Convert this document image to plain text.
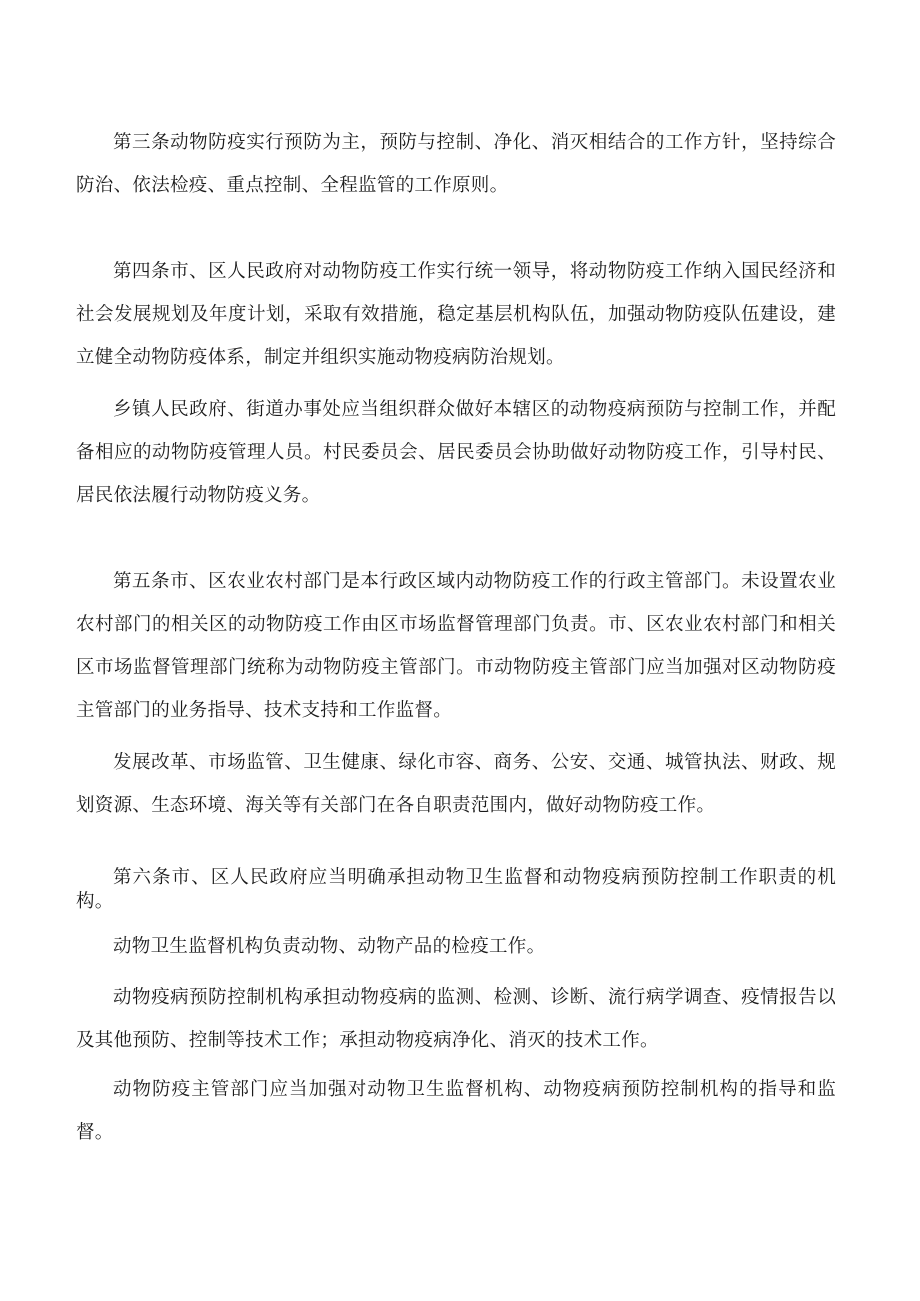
第三条动物防疫实行预防为主，预防与控制、净化、消灭相结合的工作方针，坚持综合防治、依法检疫、重点控制、全程监管的工作原则。

第四条市、区人民政府对动物防疫工作实行统一领导，将动物防疫工作纳入国民经济和社会发展规划及年度计划，采取有效措施，稳定基层机构队伍，加强动物防疫队伍建设，建立健全动物防疫体系，制定并组织实施动物疫病防治规划。

乡镇人民政府、街道办事处应当组织群众做好本辖区的动物疫病预防与控制工作，并配备相应的动物防疫管理人员。村民委员会、居民委员会协助做好动物防疫工作，引导村民、居民依法履行动物防疫义务。

第五条市、区农业农村部门是本行政区域内动物防疫工作的行政主管部门。未设置农业农村部门的相关区的动物防疫工作由区市场监督管理部门负责。市、区农业农村部门和相关区市场监督管理部门统称为动物防疫主管部门。市动物防疫主管部门应当加强对区动物防疫主管部门的业务指导、技术支持和工作监督。

发展改革、市场监管、卫生健康、绿化市容、商务、公安、交通、城管执法、财政、规划资源、生态环境、海关等有关部门在各自职责范围内，做好动物防疫工作。

第六条市、区人民政府应当明确承担动物卫生监督和动物疫病预防控制工作职责的机构。

动物卫生监督机构负责动物、动物产品的检疫工作。

动物疫病预防控制机构承担动物疫病的监测、检测、诊断、流行病学调查、疫情报告以及其他预防、控制等技术工作；承担动物疫病净化、消灭的技术工作。

动物防疫主管部门应当加强对动物卫生监督机构、动物疫病预防控制机构的指导和监督。
